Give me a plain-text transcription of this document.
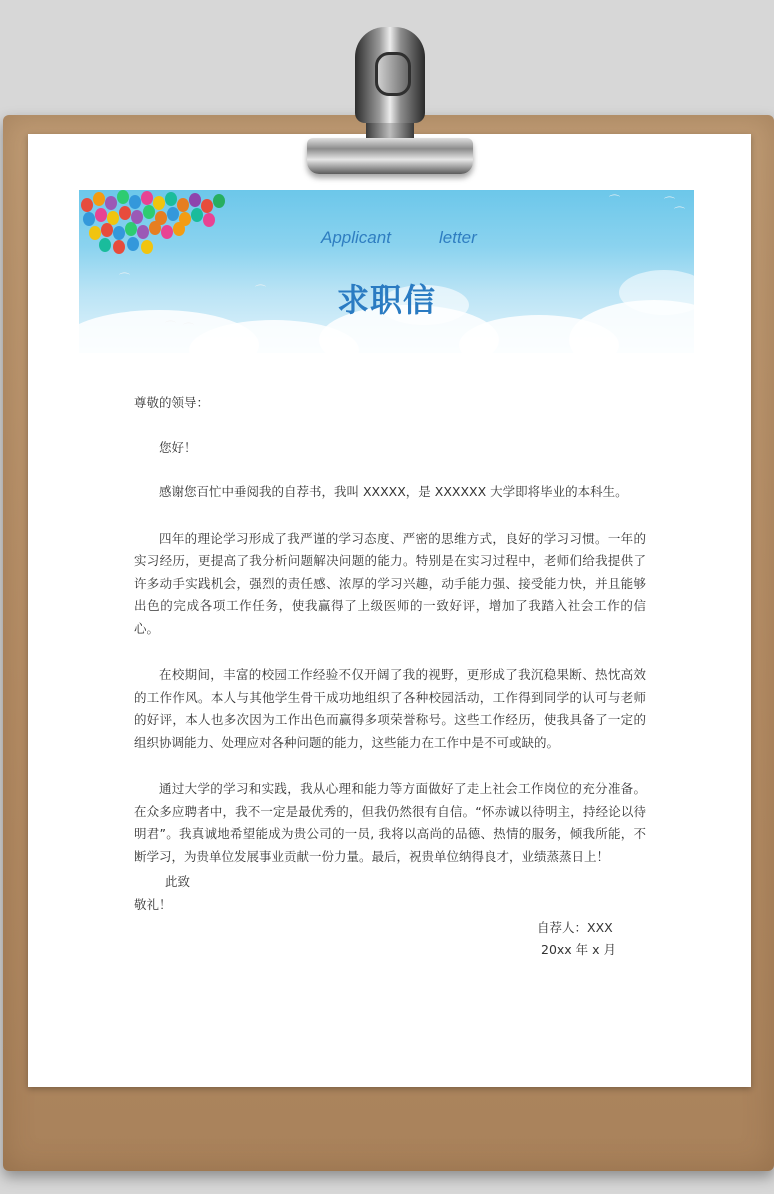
⌒
⌒
⌒ ⌒
⌒	⌒
⌒
Applicant	letter
求职信

尊敬的领导：

您好！

感谢您百忙中垂阅我的自荐书，我叫 XXXXX，是 XXXXXX 大学即将毕业的本科生。

四年的理论学习形成了我严谨的学习态度、严密的思维方式，良好的学习习惯。一年的实习经历，更提高了我分析问题解决问题的能力。特别是在实习过程中，老师们给我提供了许多动手实践机会，强烈的责任感、浓厚的学习兴趣，动手能力强、接受能力快，并且能够出色的完成各项工作任务，使我赢得了上级医师的一致好评，增加了我踏入社会工作的信心。

在校期间，丰富的校园工作经验不仅开阔了我的视野，更形成了我沉稳果断、热忱高效的工作作风。本人与其他学生骨干成功地组织了各种校园活动，工作得到同学的认可与老师的好评，本人也多次因为工作出色而赢得多项荣誉称号。这些工作经历，使我具备了一定的组织协调能力、处理应对各种问题的能力，这些能力在工作中是不可或缺的。

通过大学的学习和实践，我从心理和能力等方面做好了走上社会工作岗位的充分准备。在众多应聘者中，我不一定是最优秀的，但我仍然很有自信。“怀赤诚以待明主，持经论以待明君”。我真诚地希望能成为贵公司的一员, 我将以高尚的品德、热情的服务，倾我所能，不断学习，为贵单位发展事业贡献一份力量。最后，祝贵单位纳得良才，业绩蒸蒸日上！

此致
敬礼！
自荐人：XXX
20xx 年 x 月
